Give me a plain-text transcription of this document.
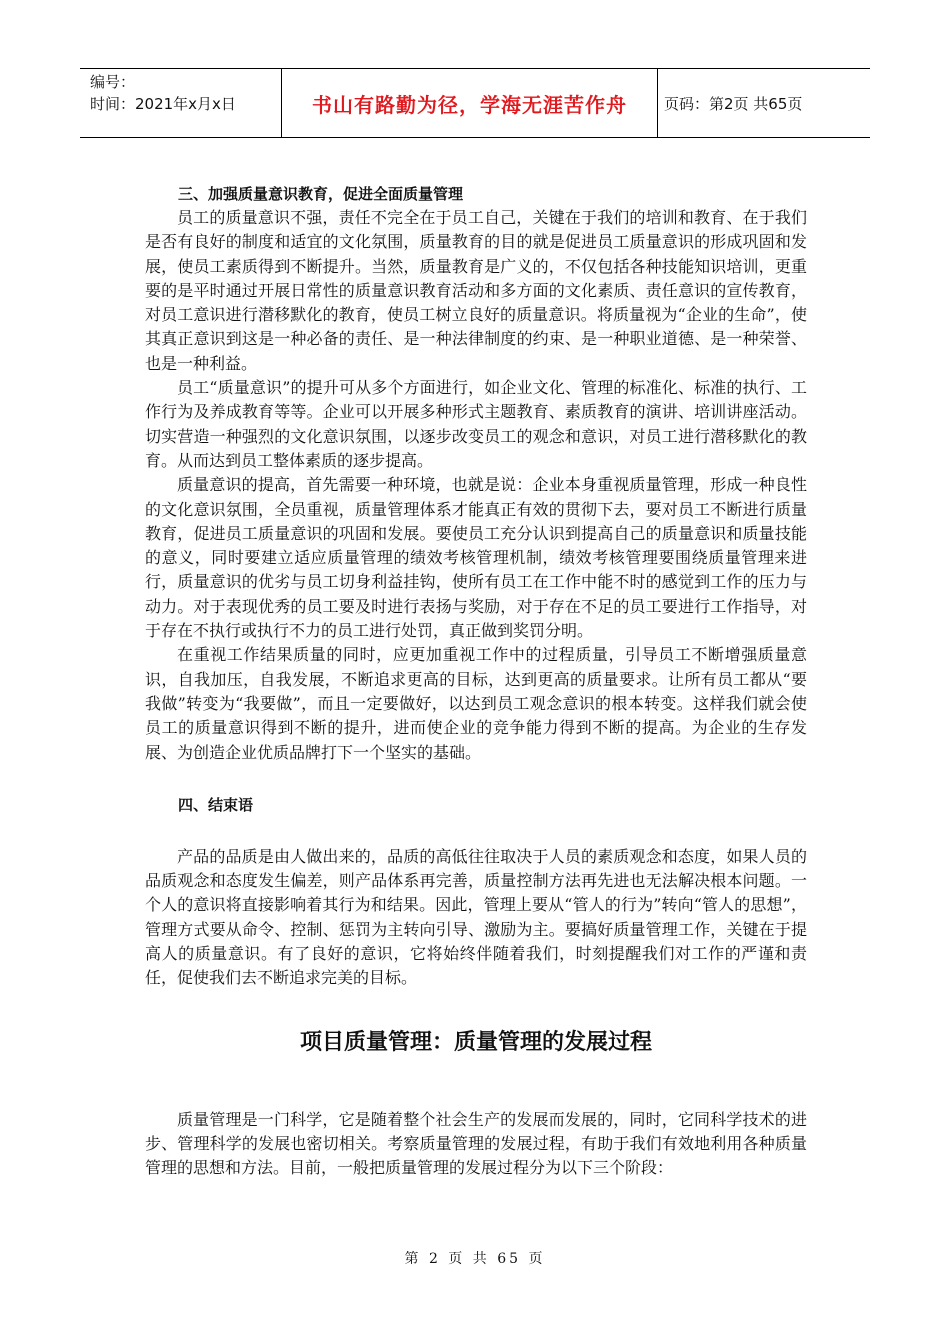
编号：
时间：2021年x月x日	书山有路勤为径，学海无涯苦作舟	页码：第2页 共65页
三、加强质量意识教育，促进全面质量管理

员工的质量意识不强，责任不完全在于员工自己，关键在于我们的培训和教育、在于我们是否有良好的制度和适宜的文化氛围，质量教育的目的就是促进员工质量意识的形成巩固和发展，使员工素质得到不断提升。当然，质量教育是广义的，不仅包括各种技能知识培训，更重要的是平时通过开展日常性的质量意识教育活动和多方面的文化素质、责任意识的宣传教育，对员工意识进行潜移默化的教育，使员工树立良好的质量意识。将质量视为“企业的生命”，使其真正意识到这是一种必备的责任、是一种法律制度的约束、是一种职业道德、是一种荣誉、也是一种利益。

员工“质量意识”的提升可从多个方面进行，如企业文化、管理的标准化、标准的执行、工作行为及养成教育等等。企业可以开展多种形式主题教育、素质教育的演讲、培训讲座活动。切实营造一种强烈的文化意识氛围，以逐步改变员工的观念和意识，对员工进行潜移默化的教育。从而达到员工整体素质的逐步提高。

质量意识的提高，首先需要一种环境，也就是说：企业本身重视质量管理，形成一种良性的文化意识氛围，全员重视，质量管理体系才能真正有效的贯彻下去，要对员工不断进行质量教育，促进员工质量意识的巩固和发展。要使员工充分认识到提高自己的质量意识和质量技能的意义，同时要建立适应质量管理的绩效考核管理机制，绩效考核管理要围绕质量管理来进行，质量意识的优劣与员工切身利益挂钩，使所有员工在工作中能不时的感觉到工作的压力与动力。对于表现优秀的员工要及时进行表扬与奖励，对于存在不足的员工要进行工作指导，对于存在不执行或执行不力的员工进行处罚，真正做到奖罚分明。

在重视工作结果质量的同时，应更加重视工作中的过程质量，引导员工不断增强质量意识，自我加压，自我发展，不断追求更高的目标，达到更高的质量要求。让所有员工都从“要我做”转变为“我要做”，而且一定要做好，以达到员工观念意识的根本转变。这样我们就会使员工的质量意识得到不断的提升，进而使企业的竞争能力得到不断的提高。为企业的生存发展、为创造企业优质品牌打下一个坚实的基础。

四、结束语

产品的品质是由人做出来的，品质的高低往往取决于人员的素质观念和态度，如果人员的品质观念和态度发生偏差，则产品体系再完善，质量控制方法再先进也无法解决根本问题。一个人的意识将直接影响着其行为和结果。因此，管理上要从“管人的行为”转向“管人的思想”，管理方式要从命令、控制、惩罚为主转向引导、激励为主。要搞好质量管理工作，关键在于提高人的质量意识。有了良好的意识，它将始终伴随着我们，时刻提醒我们对工作的严谨和责任，促使我们去不断追求完美的目标。

项目质量管理：质量管理的发展过程

质量管理是一门科学，它是随着整个社会生产的发展而发展的，同时，它同科学技术的进步、管理科学的发展也密切相关。考察质量管理的发展过程，有助于我们有效地利用各种质量管理的思想和方法。目前，一般把质量管理的发展过程分为以下三个阶段：

第 2 页 共 65 页
